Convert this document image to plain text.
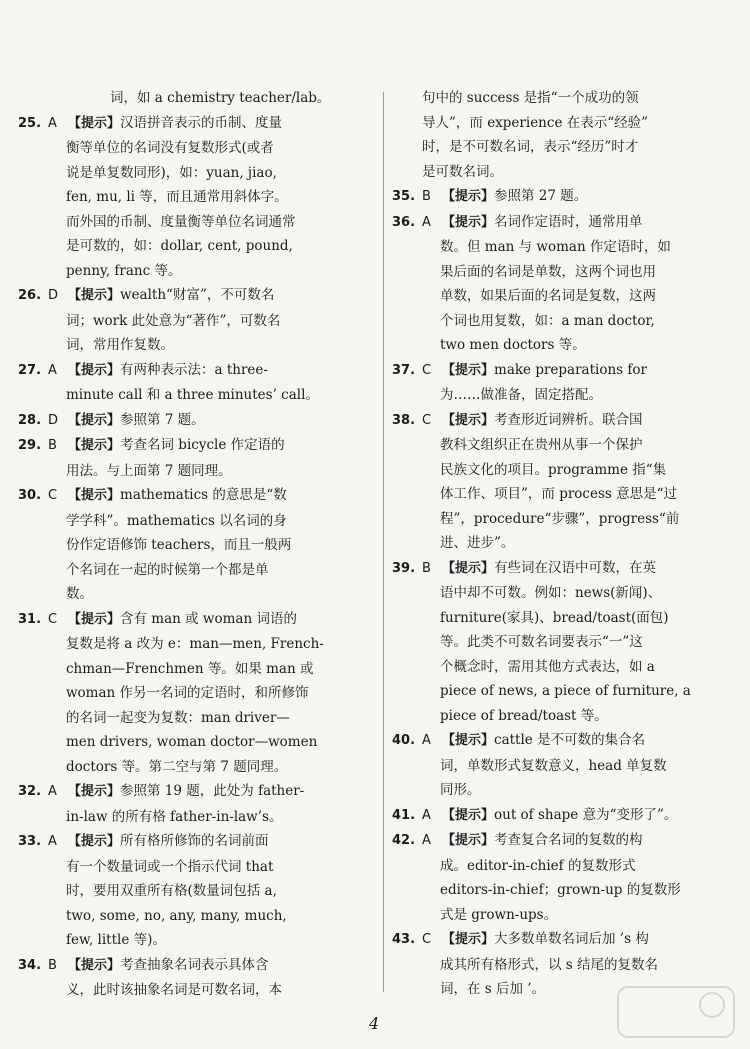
词，如 a chemistry teacher/lab。
25. A 【提示】汉语拼音表示的币制、度量
衡等单位的名词没有复数形式(或者
说是单复数同形)，如：yuan, jiao,
fen, mu, li 等，而且通常用斜体字。
而外国的币制、度量衡等单位名词通常
是可数的，如：dollar, cent, pound,
penny, franc 等。
26. D 【提示】wealth“财富”，不可数名
词；work 此处意为“著作”，可数名
词，常用作复数。
27. A 【提示】有两种表示法：a three-
minute call 和 a three minutes’ call。
28. D 【提示】参照第 7 题。
29. B 【提示】考查名词 bicycle 作定语的
用法。与上面第 7 题同理。
30. C 【提示】mathematics 的意思是“数
学学科”。mathematics 以名词的身
份作定语修饰 teachers，而且一般两
个名词在一起的时候第一个都是单
数。
31. C 【提示】含有 man 或 woman 词语的
复数是将 a 改为 e：man—men, French-
chman—Frenchmen 等。如果 man 或
woman 作另一名词的定语时，和所修饰
的名词一起变为复数：man driver—
men drivers, woman doctor—women
doctors 等。第二空与第 7 题同理。
32. A 【提示】参照第 19 题，此处为 father-
in-law 的所有格 father-in-law’s。
33. A 【提示】所有格所修饰的名词前面
有一个数量词或一个指示代词 that
时，要用双重所有格(数量词包括 a,
two, some, no, any, many, much,
few, little 等)。
34. B 【提示】考查抽象名词表示具体含
义，此时该抽象名词是可数名词，本
句中的 success 是指“一个成功的领
导人”，而 experience 在表示“经验”
时，是不可数名词，表示“经历”时才
是可数名词。
35. B 【提示】参照第 27 题。
36. A 【提示】名词作定语时，通常用单
数。但 man 与 woman 作定语时，如
果后面的名词是单数，这两个词也用
单数，如果后面的名词是复数，这两
个词也用复数，如：a man doctor,
two men doctors 等。
37. C 【提示】make preparations for
为……做准备，固定搭配。
38. C 【提示】考查形近词辨析。联合国
教科文组织正在贵州从事一个保护
民族文化的项目。programme 指“集
体工作、项目”，而 process 意思是“过
程”，procedure“步骤”，progress“前
进、进步”。
39. B 【提示】有些词在汉语中可数，在英
语中却不可数。例如：news(新闻)、
furniture(家具)、bread/toast(面包)
等。此类不可数名词要表示“一”这
个概念时，需用其他方式表达，如 a
piece of news, a piece of furniture, a
piece of bread/toast 等。
40. A 【提示】cattle 是不可数的集合名
词，单数形式复数意义，head 单复数
同形。
41. A 【提示】out of shape 意为“变形了”。
42. A 【提示】考查复合名词的复数的构
成。editor-in-chief 的复数形式
editors-in-chief；grown-up 的复数形
式是 grown-ups。
43. C 【提示】大多数单数名词后加 ’s 构
成其所有格形式，以 s 结尾的复数名
词，在 s 后加 ’。
4
